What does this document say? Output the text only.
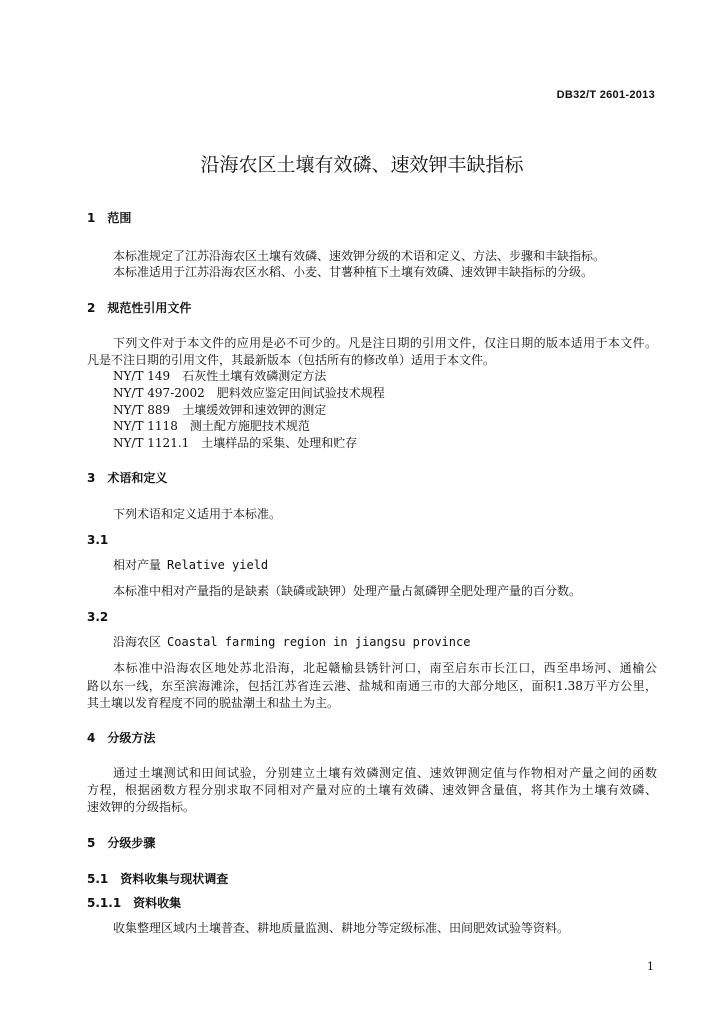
DB32/T 2601-2013
沿海农区土壤有效磷、速效钾丰缺指标
1 范围
本标准规定了江苏沿海农区土壤有效磷、速效钾分级的术语和定义、方法、步骤和丰缺指标。
本标准适用于江苏沿海农区水稻、小麦、甘薯种植下土壤有效磷、速效钾丰缺指标的分级。
2 规范性引用文件
下列文件对于本文件的应用是必不可少的。凡是注日期的引用文件，仅注日期的版本适用于本文件。
凡是不注日期的引用文件，其最新版本（包括所有的修改单）适用于本文件。
NY/T 149 石灰性土壤有效磷测定方法
NY/T 497-2002 肥料效应鉴定田间试验技术规程
NY/T 889 土壤缓效钾和速效钾的测定
NY/T 1118 测土配方施肥技术规范
NY/T 1121.1 土壤样品的采集、处理和贮存
3 术语和定义
下列术语和定义适用于本标准。
3.1
相对产量 Relative yield
本标准中相对产量指的是缺素（缺磷或缺钾）处理产量占氮磷钾全肥处理产量的百分数。
3.2
沿海农区 Coastal farming region in jiangsu province
本标准中沿海农区地处苏北沿海，北起赣榆县锈针河口，南至启东市长江口，西至串场河、通榆公
路以东一线，东至滨海滩涂，包括江苏省连云港、盐城和南通三市的大部分地区，面积1.38万平方公里，
其土壤以发育程度不同的脱盐潮土和盐土为主。
4 分级方法
通过土壤测试和田间试验，分别建立土壤有效磷测定值、速效钾测定值与作物相对产量之间的函数
方程，根据函数方程分别求取不同相对产量对应的土壤有效磷、速效钾含量值，将其作为土壤有效磷、
速效钾的分级指标。
5 分级步骤
5.1 资料收集与现状调查
5.1.1 资料收集
收集整理区域内土壤普查、耕地质量监测、耕地分等定级标准、田间肥效试验等资料。
1
